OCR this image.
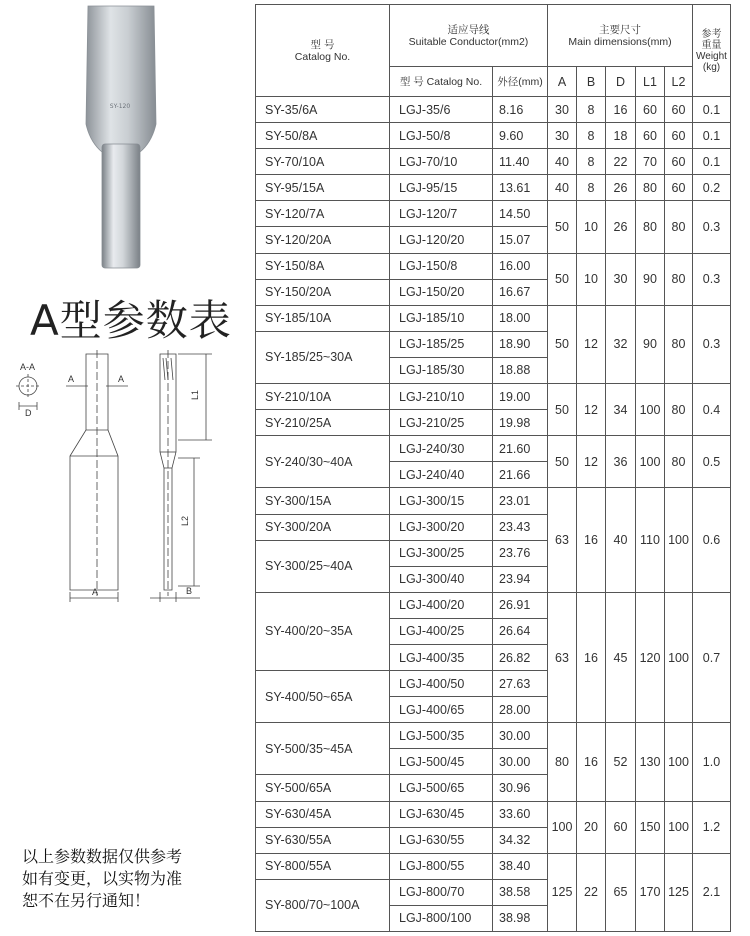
SY-120
A型参数表
A-A
A	A
D
L1
L2
A	B
以上参数数据仅供参考
如有变更，以实物为准
恕不在另行通知！
型 号
Catalog No.	适应导线
Suitable Conductor(mm2)		主要尺寸
Main dimensions(mm)					参考
重量
Weight
(kg)
	型 号 Catalog No.	外径(mm)	A	B	D	L1	L2	
SY-35/6A	LGJ-35/6	8.16	30	8	16	60	60	0.1
SY-50/8A	LGJ-50/8	9.60	30	8	18	60	60	0.1
SY-70/10A	LGJ-70/10	11.40	40	8	22	70	60	0.1
SY-95/15A	LGJ-95/15	13.61	40	8	26	80	60	0.2
SY-120/7A	LGJ-120/7	14.50	50	10	26	80	80	0.3
SY-120/20A	LGJ-120/20	15.07						
SY-150/8A	LGJ-150/8	16.00	50	10	30	90	80	0.3
SY-150/20A	LGJ-150/20	16.67						
SY-185/10A	LGJ-185/10	18.00	50	12	32	90	80	0.3
SY-185/25~30A	LGJ-185/25	18.90						
	LGJ-185/30	18.88						
SY-210/10A	LGJ-210/10	19.00	50	12	34	100	80	0.4
SY-210/25A	LGJ-210/25	19.98						
SY-240/30~40A	LGJ-240/30	21.60	50	12	36	100	80	0.5
	LGJ-240/40	21.66						
SY-300/15A	LGJ-300/15	23.01	63	16	40	110	100	0.6
SY-300/20A	LGJ-300/20	23.43						
SY-300/25~40A	LGJ-300/25	23.76						
	LGJ-300/40	23.94						
SY-400/20~35A	LGJ-400/20	26.91	63	16	45	120	100	0.7
	LGJ-400/25	26.64						
	LGJ-400/35	26.82						
SY-400/50~65A	LGJ-400/50	27.63						
	LGJ-400/65	28.00						
SY-500/35~45A	LGJ-500/35	30.00	80	16	52	130	100	1.0
	LGJ-500/45	30.00						
SY-500/65A	LGJ-500/65	30.96						
SY-630/45A	LGJ-630/45	33.60	100	20	60	150	100	1.2
SY-630/55A	LGJ-630/55	34.32						
SY-800/55A	LGJ-800/55	38.40	125	22	65	170	125	2.1
SY-800/70~100A	LGJ-800/70	38.58						
	LGJ-800/100	38.98						
